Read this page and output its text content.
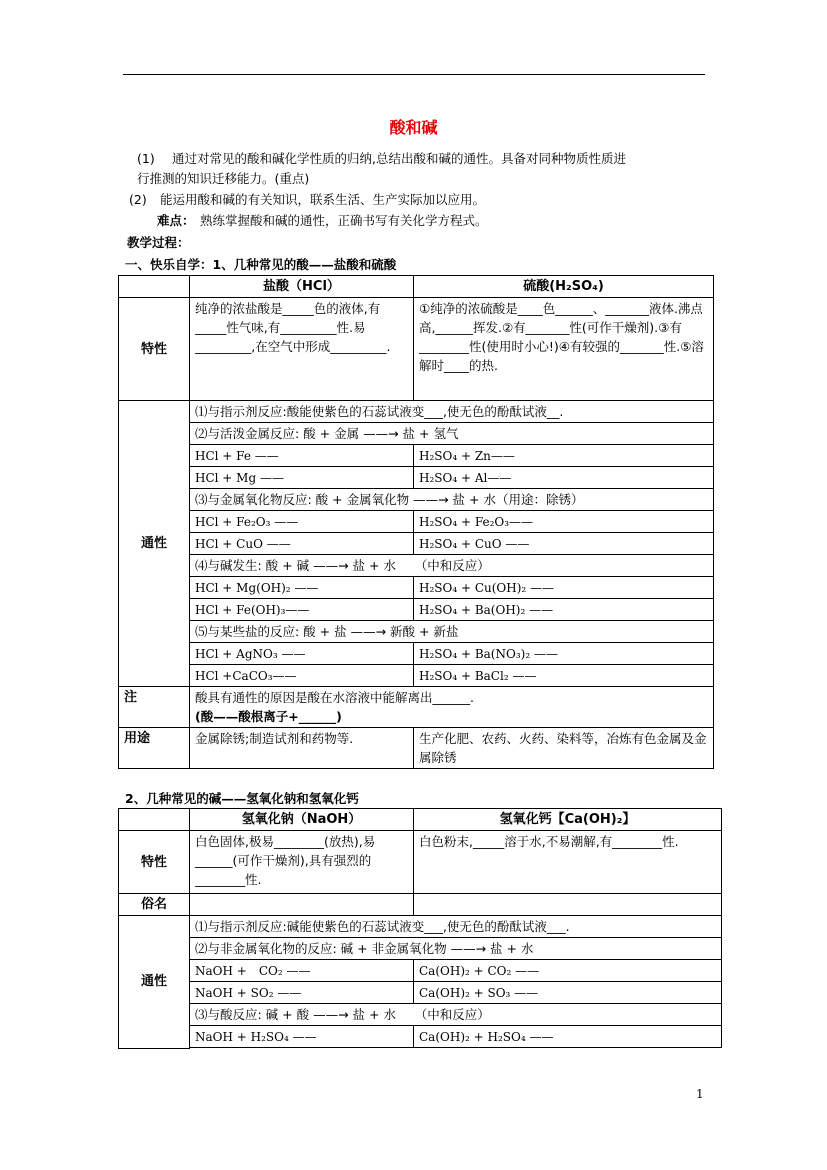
酸和碱
(1) 通过对常见的酸和碱化学性质的归纳,总结出酸和碱的通性。具备对同种物质性质进
行推测的知识迁移能力。(重点)
(2) 能运用酸和碱的有关知识，联系生活、生产实际加以应用。
难点： 熟练掌握酸和碱的通性，正确书写有关化学方程式。
教学过程：
一、快乐自学：1、几种常见的酸——盐酸和硫酸
	盐酸（HCl）	硫酸(H₂SO₄)
特性	纯净的浓盐酸是_____色的液体,有_____性气味,有_________性.易_________,在空气中形成_________.	①纯净的浓硫酸是____色______、_______液体.沸点高,______挥发.②有_______性(可作干燥剂).③有________性(使用时小心!)④有较强的_______性.⑤溶解时____的热.
通性	⑴与指示剂反应:酸能使紫色的石蕊试液变___,使无色的酚酞试液__.	
	⑵与活泼金属反应: 酸 + 金属 ——→ 盐 + 氢气	
	HCl + Fe ——	H₂SO₄ + Zn——
	HCl + Mg ——	H₂SO₄ + Al——
	⑶与金属氧化物反应: 酸 + 金属氧化物 ——→ 盐 + 水（用途：除锈）	
	HCl + Fe₂O₃ ——	H₂SO₄ + Fe₂O₃——
	HCl + CuO ——	H₂SO₄ + CuO ——
	⑷与碱发生: 酸 + 碱 ——→ 盐 + 水　　（中和反应）	
	HCl + Mg(OH)₂ ——	H₂SO₄ + Cu(OH)₂ ——
	HCl + Fe(OH)₃——	H₂SO₄ + Ba(OH)₂ ——
	⑸与某些盐的反应: 酸 + 盐 ——→ 新酸 + 新盐	
	HCl + AgNO₃ ——	H₂SO₄ + Ba(NO₃)₂ ——
	HCl +CaCO₃——	H₂SO₄ + BaCl₂ ——
注	酸具有通性的原因是酸在水溶液中能解离出______.
(酸——酸根离子+______)	

用途	金属除锈;制造试剂和药物等.	生产化肥、农药、火药、染料等，冶炼有色金属及金属除锈
2、几种常见的碱——氢氧化钠和氢氧化钙
	氢氧化钠（NaOH）	氢氧化钙【Ca(OH)₂】
特性	白色固体,极易________(放热),易______(可作干燥剂),具有强烈的________性.	白色粉末,_____溶于水,不易潮解,有________性.
俗名		
通性	⑴与指示剂反应:碱能使紫色的石蕊试液变___,使无色的酚酞试液___.	
	⑵与非金属氧化物的反应: 碱 + 非金属氧化物 ——→ 盐 + 水	
	NaOH +　CO₂ ——	Ca(OH)₂ + CO₂ ——
	NaOH + SO₂ ——	Ca(OH)₂ + SO₃ ——
	⑶与酸反应: 碱 + 酸 ——→ 盐 + 水　　（中和反应）	
	NaOH + H₂SO₄ ——	Ca(OH)₂ + H₂SO₄ ——

1
